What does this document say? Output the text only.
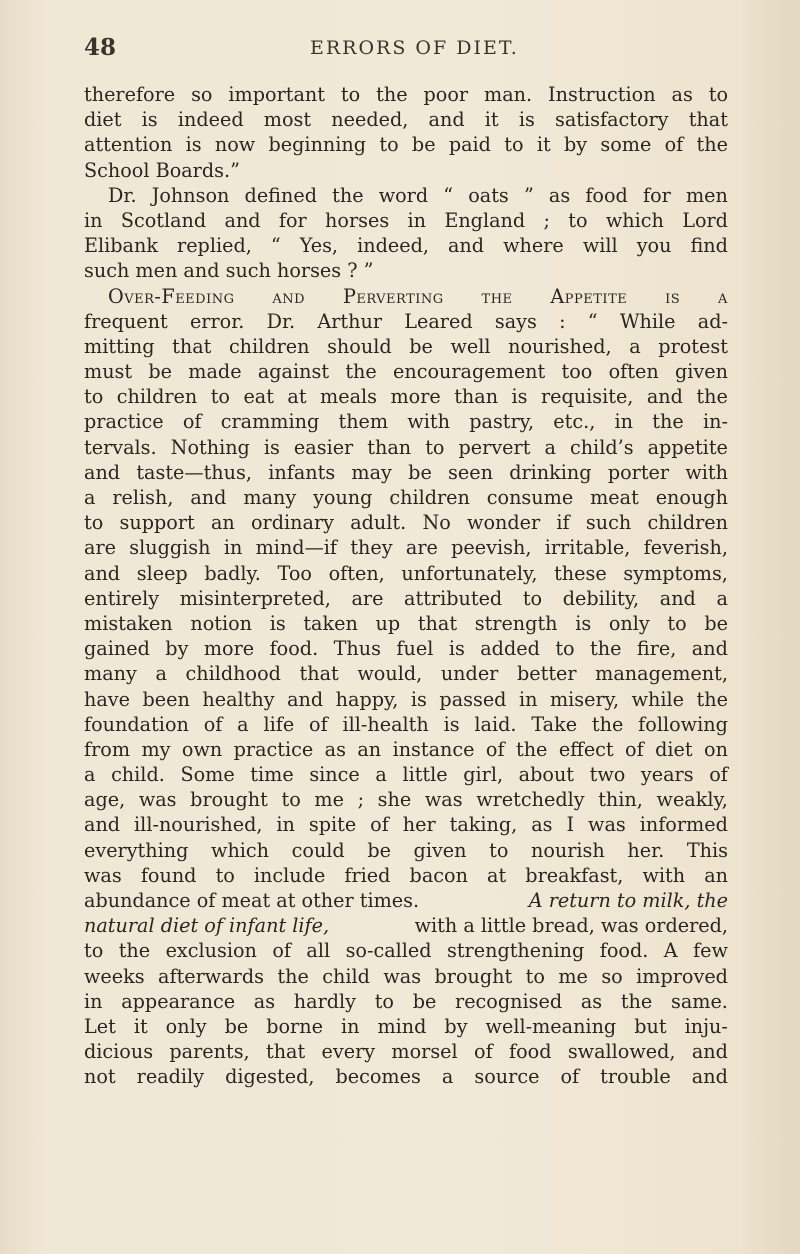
48	ERRORS OF DIET.
therefore so important to the poor man. Instruction as to
diet is indeed most needed, and it is satisfactory that
attention is now beginning to be paid to it by some of the
School Boards.”
Dr. Johnson defined the word “ oats ” as food for men
in Scotland and for horses in England ; to which Lord
Elibank replied, “ Yes, indeed, and where will you find
such men and such horses ? ”
Over-Feeding and Perverting the Appetite is a
frequent error. Dr. Arthur Leared says : “ While ad-
mitting that children should be well nourished, a protest
must be made against the encouragement too often given
to children to eat at meals more than is requisite, and the
practice of cramming them with pastry, etc., in the in-
tervals. Nothing is easier than to pervert a child’s appetite
and taste—thus, infants may be seen drinking porter with
a relish, and many young children consume meat enough
to support an ordinary adult. No wonder if such children
are sluggish in mind—if they are peevish, irritable, feverish,
and sleep badly. Too often, unfortunately, these symptoms,
entirely misinterpreted, are attributed to debility, and a
mistaken notion is taken up that strength is only to be
gained by more food. Thus fuel is added to the fire, and
many a childhood that would, under better management,
have been healthy and happy, is passed in misery, while the
foundation of a life of ill-health is laid. Take the following
from my own practice as an instance of the effect of diet on
a child. Some time since a little girl, about two years of
age, was brought to me ; she was wretchedly thin, weakly,
and ill-nourished, in spite of her taking, as I was informed
everything which could be given to nourish her. This
was found to include fried bacon at breakfast, with an
abundance of meat at other times.	A return to milk, the
natural diet of infant life,	with a little bread, was ordered,
to the exclusion of all so-called strengthening food. A few
weeks afterwards the child was brought to me so improved
in appearance as hardly to be recognised as the same.
Let it only be borne in mind by well-meaning but inju-
dicious parents, that every morsel of food swallowed, and
not readily digested, becomes a source of trouble and
